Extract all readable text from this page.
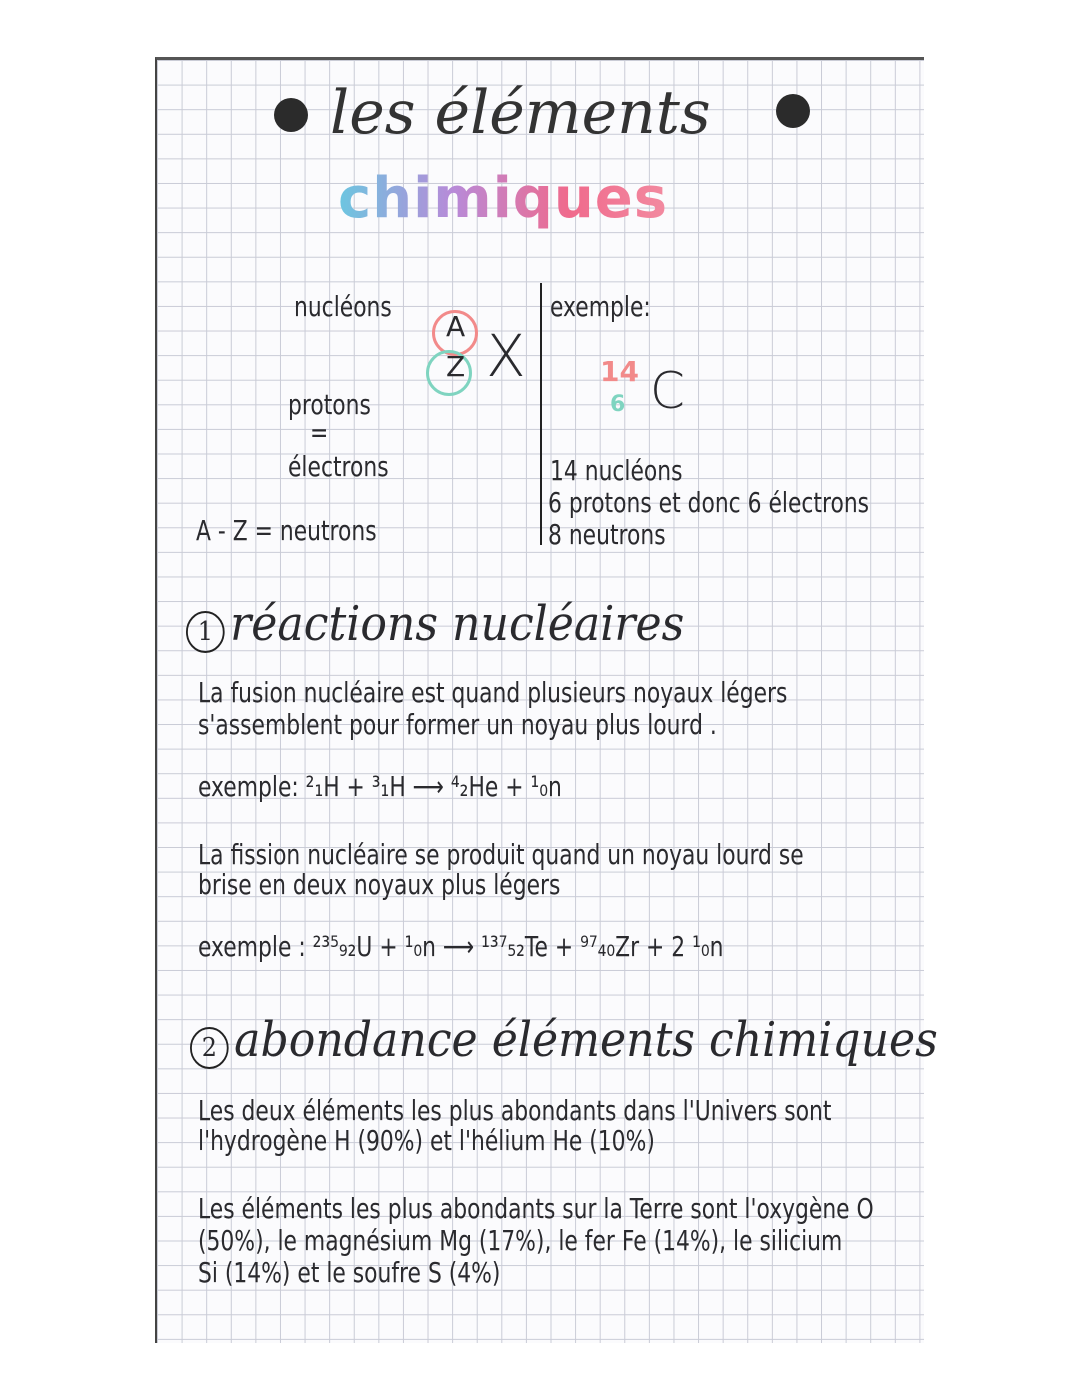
les éléments
chimiques
nucléons
A
Z X
protons
=
électrons
A - Z = neutrons
exemple:
14
6 C
14 nucléons
6 protons et donc 6 électrons
8 neutrons
1 réactions nucléaires
La fusion nucléaire est quand plusieurs noyaux légers
s'assemblent pour former un noyau plus lourd .
exemple: ²₁H + ³₁H ⟶ ⁴₂He + ¹₀n
La fission nucléaire se produit quand un noyau lourd se
brise en deux noyaux plus légers
exemple : ²³⁵₉₂U + ¹₀n ⟶ ¹³⁷₅₂Te + ⁹⁷₄₀Zr + 2 ¹₀n
2 abondance éléments chimiques
Les deux éléments les plus abondants dans l'Univers sont
l'hydrogène H (90%) et l'hélium He (10%)
Les éléments les plus abondants sur la Terre sont l'oxygène O
(50%), le magnésium Mg (17%), le fer Fe (14%), le silicium
Si (14%) et le soufre S (4%)
